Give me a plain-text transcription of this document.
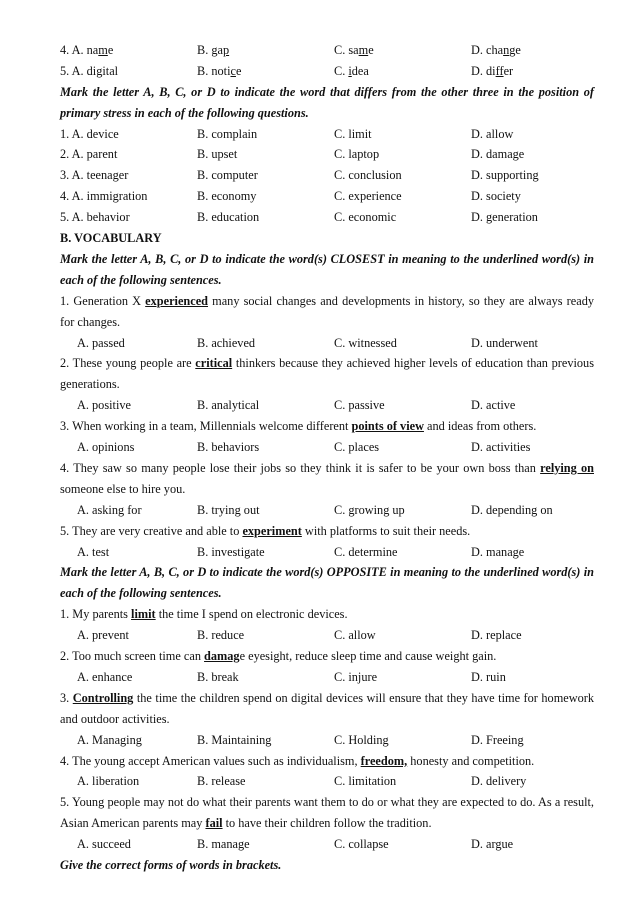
4. A. name	B. gap	C. same	D. change
5. A. digital	B. notice	C. idea	D. differ
Mark the letter A, B, C, or D to indicate the word that differs from the other three in the position of primary stress in each of the following questions.
1. A. device	B. complain	C. limit	D. allow
2. A. parent	B. upset	C. laptop	D. damage
3. A. teenager	B. computer	C. conclusion	D. supporting
4. A. immigration	B. economy	C. experience	D. society
5. A. behavior	B. education	C. economic	D. generation
B. VOCABULARY
Mark the letter A, B, C, or D to indicate the word(s) CLOSEST in meaning to the underlined word(s) in each of the following sentences.
1. Generation X experienced many social changes and developments in history, so they are always ready for changes.
A. passed	B. achieved	C. witnessed	D. underwent
2. These young people are critical thinkers because they achieved higher levels of education than previous generations.
A. positive	B. analytical	C. passive	D. active
3. When working in a team, Millennials welcome different points of view and ideas from others.
A. opinions	B. behaviors	C. places	D. activities
4. They saw so many people lose their jobs so they think it is safer to be your own boss than relying on someone else to hire you.
A. asking for	B. trying out	C. growing up	D. depending on
5. They are very creative and able to experiment with platforms to suit their needs.
A. test	B. investigate	C. determine	D. manage
Mark the letter A, B, C, or D to indicate the word(s) OPPOSITE in meaning to the underlined word(s) in each of the following sentences.
1. My parents limit the time I spend on electronic devices.
A. prevent	B. reduce	C. allow	D. replace
2. Too much screen time can damage eyesight, reduce sleep time and cause weight gain.
A. enhance	B. break	C. injure	D. ruin
3. Controlling the time the children spend on digital devices will ensure that they have time for homework and outdoor activities.
A. Managing	B. Maintaining	C. Holding	D. Freeing
4. The young accept American values such as individualism, freedom, honesty and competition.
A. liberation	B. release	C. limitation	D. delivery
5. Young people may not do what their parents want them to do or what they are expected to do. As a result, Asian American parents may fail to have their children follow the tradition.
A. succeed	B. manage	C. collapse	D. argue
Give the correct forms of words in brackets.
